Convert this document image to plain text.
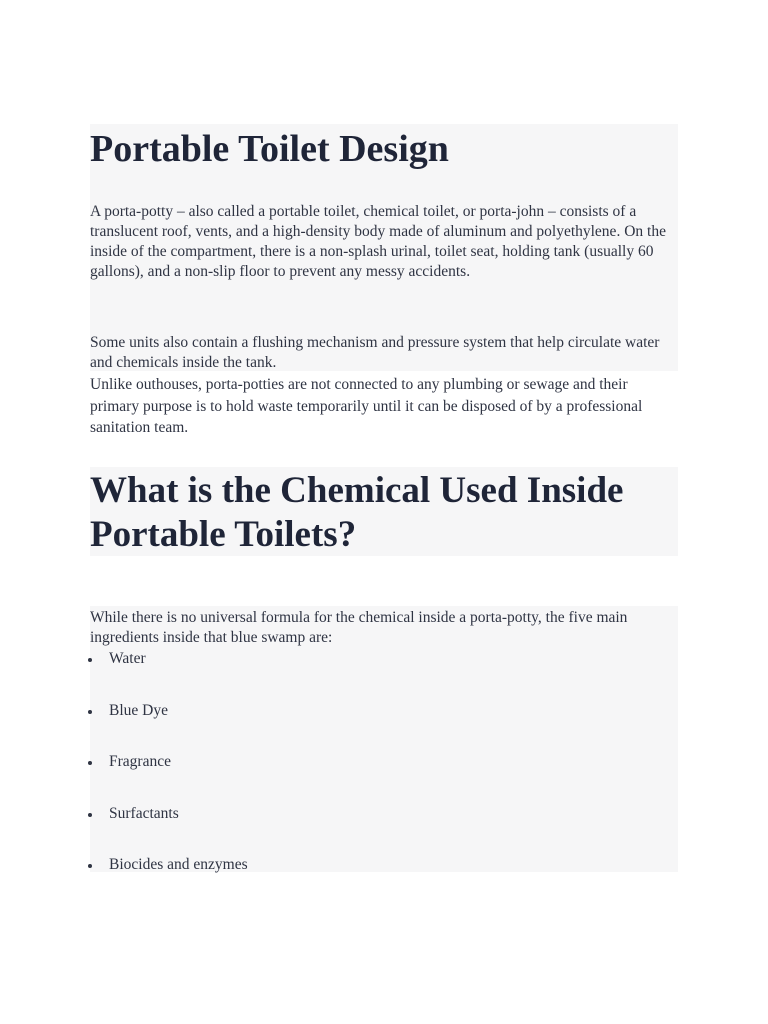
Portable Toilet Design

A porta-potty – also called a portable toilet, chemical toilet, or porta-john – consists of a translucent roof, vents, and a high-density body made of aluminum and polyethylene. On the inside of the compartment, there is a non-splash urinal, toilet seat, holding tank (usually 60 gallons), and a non-slip floor to prevent any messy accidents.

Some units also contain a flushing mechanism and pressure system that help circulate water and chemicals inside the tank.

Unlike outhouses, porta-potties are not connected to any plumbing or sewage and their primary purpose is to hold waste temporarily until it can be disposed of by a professional sanitation team.

What is the Chemical Used Inside Portable Toilets?

While there is no universal formula for the chemical inside a porta-potty, the five main ingredients inside that blue swamp are:

Water
Blue Dye
Fragrance
Surfactants
Biocides and enzymes
